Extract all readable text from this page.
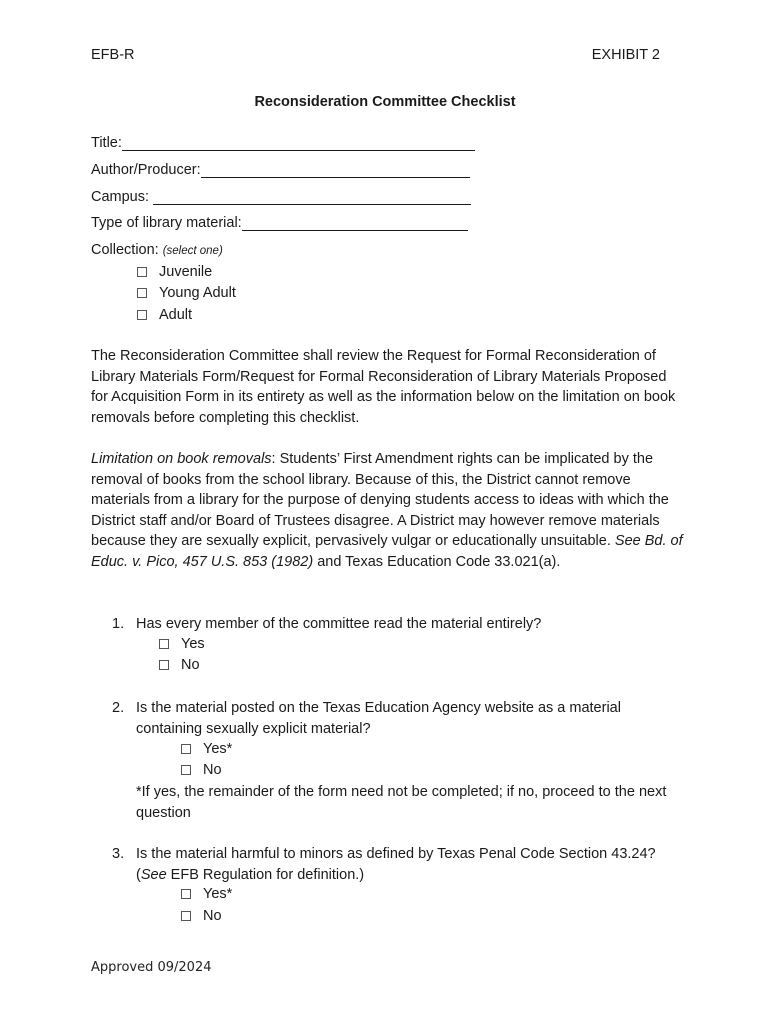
EFB-R	EXHIBIT 2
Reconsideration Committee Checklist
Title:
Author/Producer:
Campus:
Type of library material:
Collection: (select one)
Juvenile
Young Adult
Adult
The Reconsideration Committee shall review the Request for Formal Reconsideration of Library Materials Form/Request for Formal Reconsideration of Library Materials Proposed for Acquisition Form in its entirety as well as the information below on the limitation on book removals before completing this checklist.
Limitation on book removals: Students’ First Amendment rights can be implicated by the removal of books from the school library. Because of this, the District cannot remove materials from a library for the purpose of denying students access to ideas with which the District staff and/or Board of Trustees disagree. A District may however remove materials because they are sexually explicit, pervasively vulgar or educationally unsuitable. See Bd. of Educ. v. Pico, 457 U.S. 853 (1982) and Texas Education Code 33.021(a).
1. Has every member of the committee read the material entirely?
Yes
No
2. Is the material posted on the Texas Education Agency website as a material containing sexually explicit material?
Yes*
No
*If yes, the remainder of the form need not be completed; if no, proceed to the next question
3. Is the material harmful to minors as defined by Texas Penal Code Section 43.24? (See EFB Regulation for definition.)
Yes*
No
Approved 09/2024
